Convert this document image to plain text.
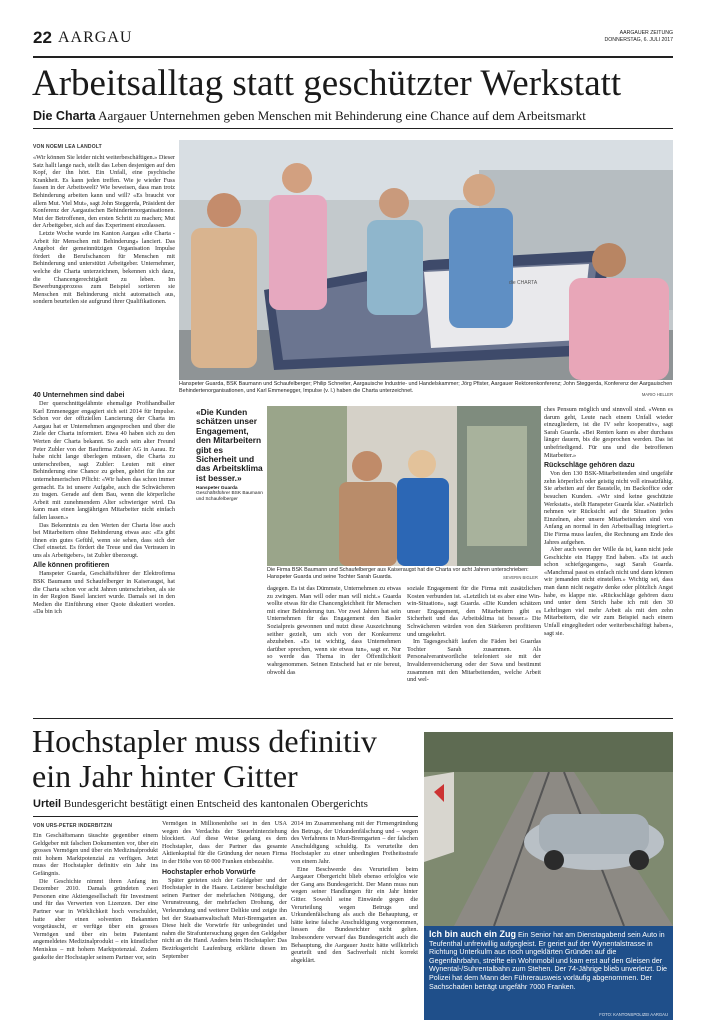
22 AARGAU	AARGAUER ZEITUNG
DONNERSTAG, 6. JULI 2017
Arbeitsalltag statt geschützter Werkstatt
Die Charta Aargauer Unternehmen geben Menschen mit Behinderung eine Chance auf dem Arbeitsmarkt
VON NOEMI LEA LANDOLT

«Wir können Sie leider nicht weiterbeschäftigen.» Dieser Satz hallt lange nach, stellt das Leben desjenigen auf den Kopf, der ihn hört. Ein Unfall, eine psychische Krankheit. Es kann jeden treffen. Wie je wieder Fuss fassen in der Arbeitswelt? Wie beweisen, dass man trotz Behinderung arbeiten kann und will? «Es braucht vor allem Mut. Viel Mut», sagt John Steggerda, Präsident der Konferenz der Aargauischen Behindertenorganisationen. Mut der Betroffenen, den ersten Schritt zu machen; Mut der Arbeitgeber, sich auf das Experiment einzulassen.

Letzte Woche wurde im Kanton Aargau «die Charta - Arbeit für Menschen mit Behinderung» lanciert. Das Angebot der gemeinnützigen Organisation Impulse fördert die Berufschancen für Menschen mit Behinderung und unterstützt Arbeitgeber. Unternehmer, welche die Charta unterzeichnen, bekennen sich dazu, die Chancengerechtigkeit zu leben. Im Bewerbungsprozess zum Beispiel sortieren sie Menschen mit Behinderung nicht automatisch aus, sondern beurteilen sie aufgrund ihrer Qualifikationen.

die CHARTA
Hanspeter Guarda, BSK Baumann und Schaufelberger; Philip Schneiter, Aargauische Industrie- und Handelskammer; Jörg Pfister, Aargauer Rektorenkonferenz; John Steggerda, Konferenz der Aargauischen Behindertenorganisationen, und Karl Emmenegger, Impulse (v. l.) haben die Charta unterzeichnet.
MARIO HELLER

40 Unternehmen sind dabei

Der querschnittgelähmte ehemalige Profihandballer Karl Emmenegger engagiert sich seit 2014 für Impulse. Schon vor der offiziellen Lancierung der Charta im Aargau hat er Unternehmen angesprochen und über die Ziele der Charta informiert. Etwa 40 haben sich zu den Werten der Charta bekannt. So auch sein alter Freund Peter Zubler von der Baufirma Zubler AG in Aarau. Er habe nicht lange überlegen müssen, die Charta zu unterschreiben, sagt Zubler: Leuten mit einer Behinderung eine Chance zu geben, gehört für ihn zur unternehmerischen Pflicht: «Wir haben das schon immer gemacht. Es ist unsere Aufgabe, auch die Schwächeren zu tragen. Gerade auf dem Bau, wenn die körperliche Arbeit mit zunehmendem Alter schwieriger wird. Da kann man einen langjährigen Mitarbeiter nicht einfach fallen lassen.»

Das Bekenntnis zu den Werten der Charta löse auch bei Mitarbeitern ohne Behinderung etwas aus: «Es gibt ihnen ein gutes Gefühl, wenn sie sehen, dass sich der Chef einsetzt. Es fördert die Treue und das Vertrauen in uns als Arbeitgeber», ist Zubler überzeugt.

Alle können profitieren

Hanspeter Guarda, Geschäftsführer der Elektrofirma BSK Baumann und Schaufelberger in Kaiseraugst, hat die Charta schon vor acht Jahren unterschrieben, als sie in der Region Basel lanciert wurde. Damals sei in den Medien die Einführung einer Quote diskutiert worden. «Da bin ich

«Die Kunden schätzen unser Engagement, den Mitarbeitern gibt es Sicherheit und das Arbeitsklima ist besser.»
Hanspeter Guarda
Geschäftsführer BSK Baumann und Schaufelberger
Die Firma BSK Baumann und Schaufelberger aus Kaiseraugst hat die Charta vor acht Jahren unterschrieben: Hanspeter Guarda und seine Tochter Sarah Guarda.	SEVERIN BIGLER

dagegen. Es ist das Dümmste, Unternehmen zu etwas zu zwingen. Man will oder man will nicht.» Guarda wollte etwas für die Chancengleichheit für Menschen mit einer Behinderung tun. Vor zwei Jahren hat sein Unternehmen für das Engagement den Basler Sozialpreis gewonnen und nutzt diese Auszeichnung seither gezielt, um sich von der Konkurrenz abzuheben. «Es ist wichtig, dass Unternehmen darüber sprechen, wenn sie etwas tun», sagt er. Nur so werde das Thema in der Öffentlichkeit wahrgenommen. Seinen Entscheid hat er nie bereut, obwohl das

soziale Engagement für die Firma mit zusätzlichen Kosten verbunden ist. «Letztlich ist es aber eine Win-win-Situation», sagt Guarda. «Die Kunden schätzen unser Engagement, den Mitarbeitern gibt es Sicherheit und das Arbeitsklima ist besser.» Die Schwächeren würden von den Stärkeren profitieren und umgekehrt.

Im Tagesgeschäft laufen die Fäden bei Guardas Tochter Sarah zusammen. Als Personalverantwortliche telefoniert sie mit der Invalidenversicherung oder der Suva und bestimmt zusammen mit den Mitarbeitenden, welche Arbeit und wel-

ches Pensum möglich und sinnvoll sind. «Wenn es darum geht, Leute nach einem Unfall wieder einzugliedern, ist die IV sehr kooperativ», sagt Sarah Guarda. «Bei Renten kann es aber durchaus länger dauern, bis die gesprochen werden. Das ist unbefriedigend. Für uns und die betroffenen Mitarbeiter.»

Rückschläge gehören dazu

Von den 130 BSK-Mitarbeitenden sind ungefähr zehn körperlich oder geistig nicht voll einsatzfähig. Sie arbeiten auf der Baustelle, im Backoffice oder besuchen Kunden. «Wir sind keine geschützte Werkstatt», stellt Hanspeter Guarda klar. «Natürlich nehmen wir Rücksicht auf die Situation jedes Einzelnen, aber unsere Mitarbeitenden sind von Anfang an normal in den Arbeitsalltag integriert.» Die Firma muss laufen, die Rechnung am Ende des Jahres aufgehen.

Aber auch wenn der Wille da ist, kann nicht jede Geschichte ein Happy End haben. «Es ist auch schon schiefgegangen», sagt Sarah Guarda. «Manchmal passt es einfach nicht und dann können wir jemanden nicht einstellen.» Wichtig sei, dass man dann nicht negativ denke oder plötzlich Angst habe, es klappe nie. «Rückschläge gehören dazu und unter dem Strich habe ich mit den 30 Lehrlingen viel mehr Arbeit als mit den zehn Mitarbeitern, die wir zum Beispiel nach einem Unfall eingegliedert oder weiterbeschäftigt haben», sagt sie.

Hochstapler muss definitiv
ein Jahr hinter Gitter
Urteil Bundesgericht bestätigt einen Entscheid des kantonalen Obergerichts
VON URS-PETER INDERBITZIN

Ein Geschäftsmann täuschte gegenüber einem Geldgeber mit falschen Dokumenten vor, über ein grosses Vermögen und über ein Medizinalprodukt mit hohem Marktpotenzial zu verfügen. Jetzt muss der Hochstapler definitiv ein Jahr ins Gefängnis.

Die Geschichte nimmt ihren Anfang im Dezember 2010. Damals gründeten zwei Personen eine Aktiengesellschaft für Investment und für das Verwerten von Lizenzen. Der eine Partner war in Wirklichkeit hoch verschuldet, hatte aber einen solventen Bekannten vorgetäuscht, er verfüge über ein grosses Vermögen und über ein beim Patentamt angemeldetes Medizinalprodukt – ein künstlicher Meniskus – mit hohem Marktpotenzial. Zudem gaukelte der Hochstapler seinem Partner vor, sein

Vermögen in Millionenhöhe sei in den USA wegen des Verdachts der Steuerhinterziehung blockiert. Auf diese Weise gelang es dem Hochstapler, dass der Partner das gesamte Aktienkapital für die Gründung der neuen Firma in der Höhe von 60 000 Franken einbezahlte.

Hochstapler erhob Vorwürfe

Später gerieten sich der Geldgeber und der Hochstapler in die Haare. Letzterer beschuldigte seinen Partner der mehrfachen Nötigung, der Verunstreuung, der mehrfachen Drohung, der Verleumdung und weiterer Delikte und zeigte ihn bei der Staatsanwaltschaft Muri-Bremgarten an. Diese hielt die Vorwürfe für unbegründet und nahm die Strafuntersuchung gegen den Geldgeber nicht an die Hand. Anders beim Hochstapler: Das Bezirksgericht Laufenburg erklärte diesen im September

2014 im Zusammenhang mit der Firmengründung des Betrugs, der Urkundenfälschung und – wegen des Verfahrens in Muri-Bremgarten – der falschen Anschuldigung schuldig. Es verurteilte den Hochstapler zu einer unbedingten Freiheitsstrafe von einem Jahr.

Eine Beschwerde des Verurteilten beim Aargauer Obergericht blieb ebenso erfolglos wie der Gang ans Bundesgericht. Der Mann muss nun wegen seiner Handlungen für ein Jahr hinter Gitter. Sowohl seine Einwände gegen die Verurteilung wegen Betrugs und Urkundenfälschung als auch die Behauptung, er hätte keine falsche Anschuldigung vorgenommen, liessen die Bundesrichter nicht gelten. Insbesondere verwarf das Bundesgericht auch die Behauptung, die Aargauer Justiz hätte willkürlich geurteilt und den Sachverhalt nicht korrekt abgeklärt.

Ich bin auch ein Zug Ein Senior hat am Dienstagabend sein Auto in Teufenthal unfreiwillig aufgegleist. Er geriet auf der Wynentalstrasse in Richtung Unterkulm aus noch ungeklärten Gründen auf die Gegenfahrbahn, streifte ein Wohnmobil und kam erst auf den Gleisen der Wynental-/Suhrentalbahn zum Stehen. Der 74-Jährige blieb unverletzt. Die Polizei hat dem Mann den Führerausweis vorläufig abgenommen. Der Sachschaden beträgt ungefähr 7000 Franken.
FOTO: KANTONSPOLIZEI AARGAU
